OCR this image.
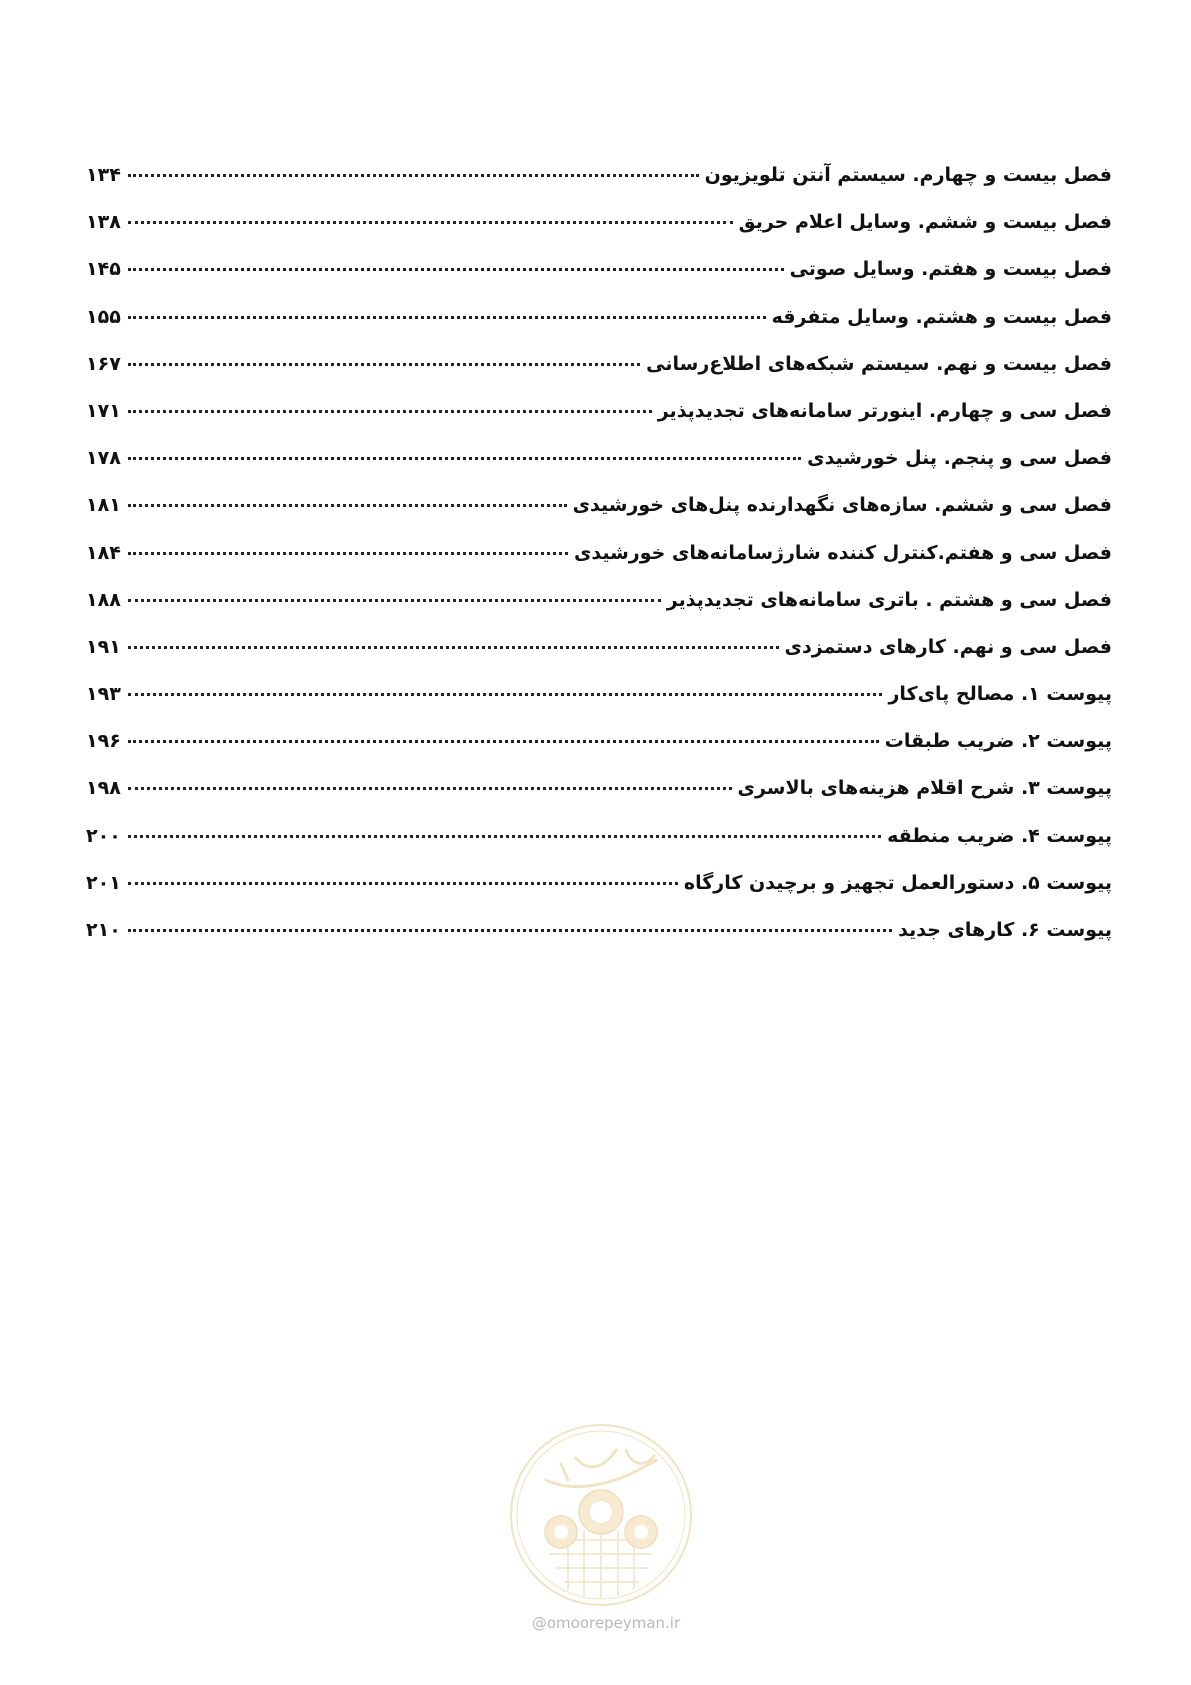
فصل بیست و چهارم. سیستم آنتن تلویزیون
۱۳۴
فصل بیست و ششم. وسایل اعلام حریق
۱۳۸
فصل بیست و هفتم. وسایل صوتی
۱۴۵
فصل بیست و هشتم. وسایل متفرقه
۱۵۵
فصل بیست و نهم. سیستم شبکه‌های اطلاع‌رسانی
۱۶۷
فصل سی و چهارم. اینورتر سامانه‌های تجدیدپذیر
۱۷۱
فصل سی و پنجم. پنل خورشیدی
۱۷۸
فصل سی و ششم. سازه‌های نگهدارنده پنل‌های خورشیدی
۱۸۱
فصل سی و هفتم.کنترل کننده شارژسامانه‌های خورشیدی
۱۸۴
فصل سی و هشتم . باتری سامانه‌های تجدیدپذیر
۱۸۸
فصل سی و نهم. کارهای دستمزدی
۱۹۱
پیوست ۱. مصالح پای‌کار
۱۹۳
پیوست ۲. ضریب طبقات
۱۹۶
پیوست ۳. شرح اقلام هزینه‌های بالاسری
۱۹۸
پیوست ۴. ضریب منطقه
۲۰۰
پیوست ۵. دستورالعمل تجهیز و برچیدن کارگاه
۲۰۱
پیوست ۶. کارهای جدید
۲۱۰
@omoorepeyman.ir
